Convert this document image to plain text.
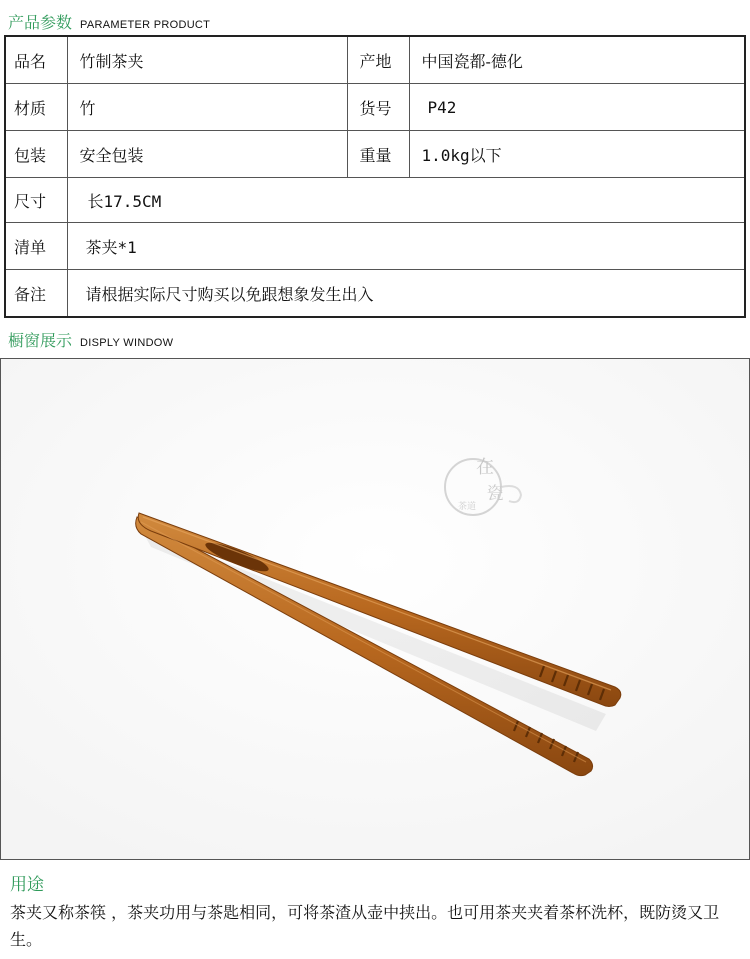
产品参数 PARAMETER PRODUCT
品名	竹制茶夹	产地	中国瓷都-德化
材质	竹	货号	P42
包装	安全包装	重量	1.0kg以下
尺寸	长17.5CM		
清单	茶夹*1		
备注	请根据实际尺寸购买以免跟想象发生出入		
橱窗展示 DISPLY WINDOW
在
瓷
茶道
用途
茶夹又称茶筷 ，茶夹功用与茶匙相同，可将茶渣从壶中挟出。也可用茶夹夹着茶杯洗杯，既防烫又卫生。
